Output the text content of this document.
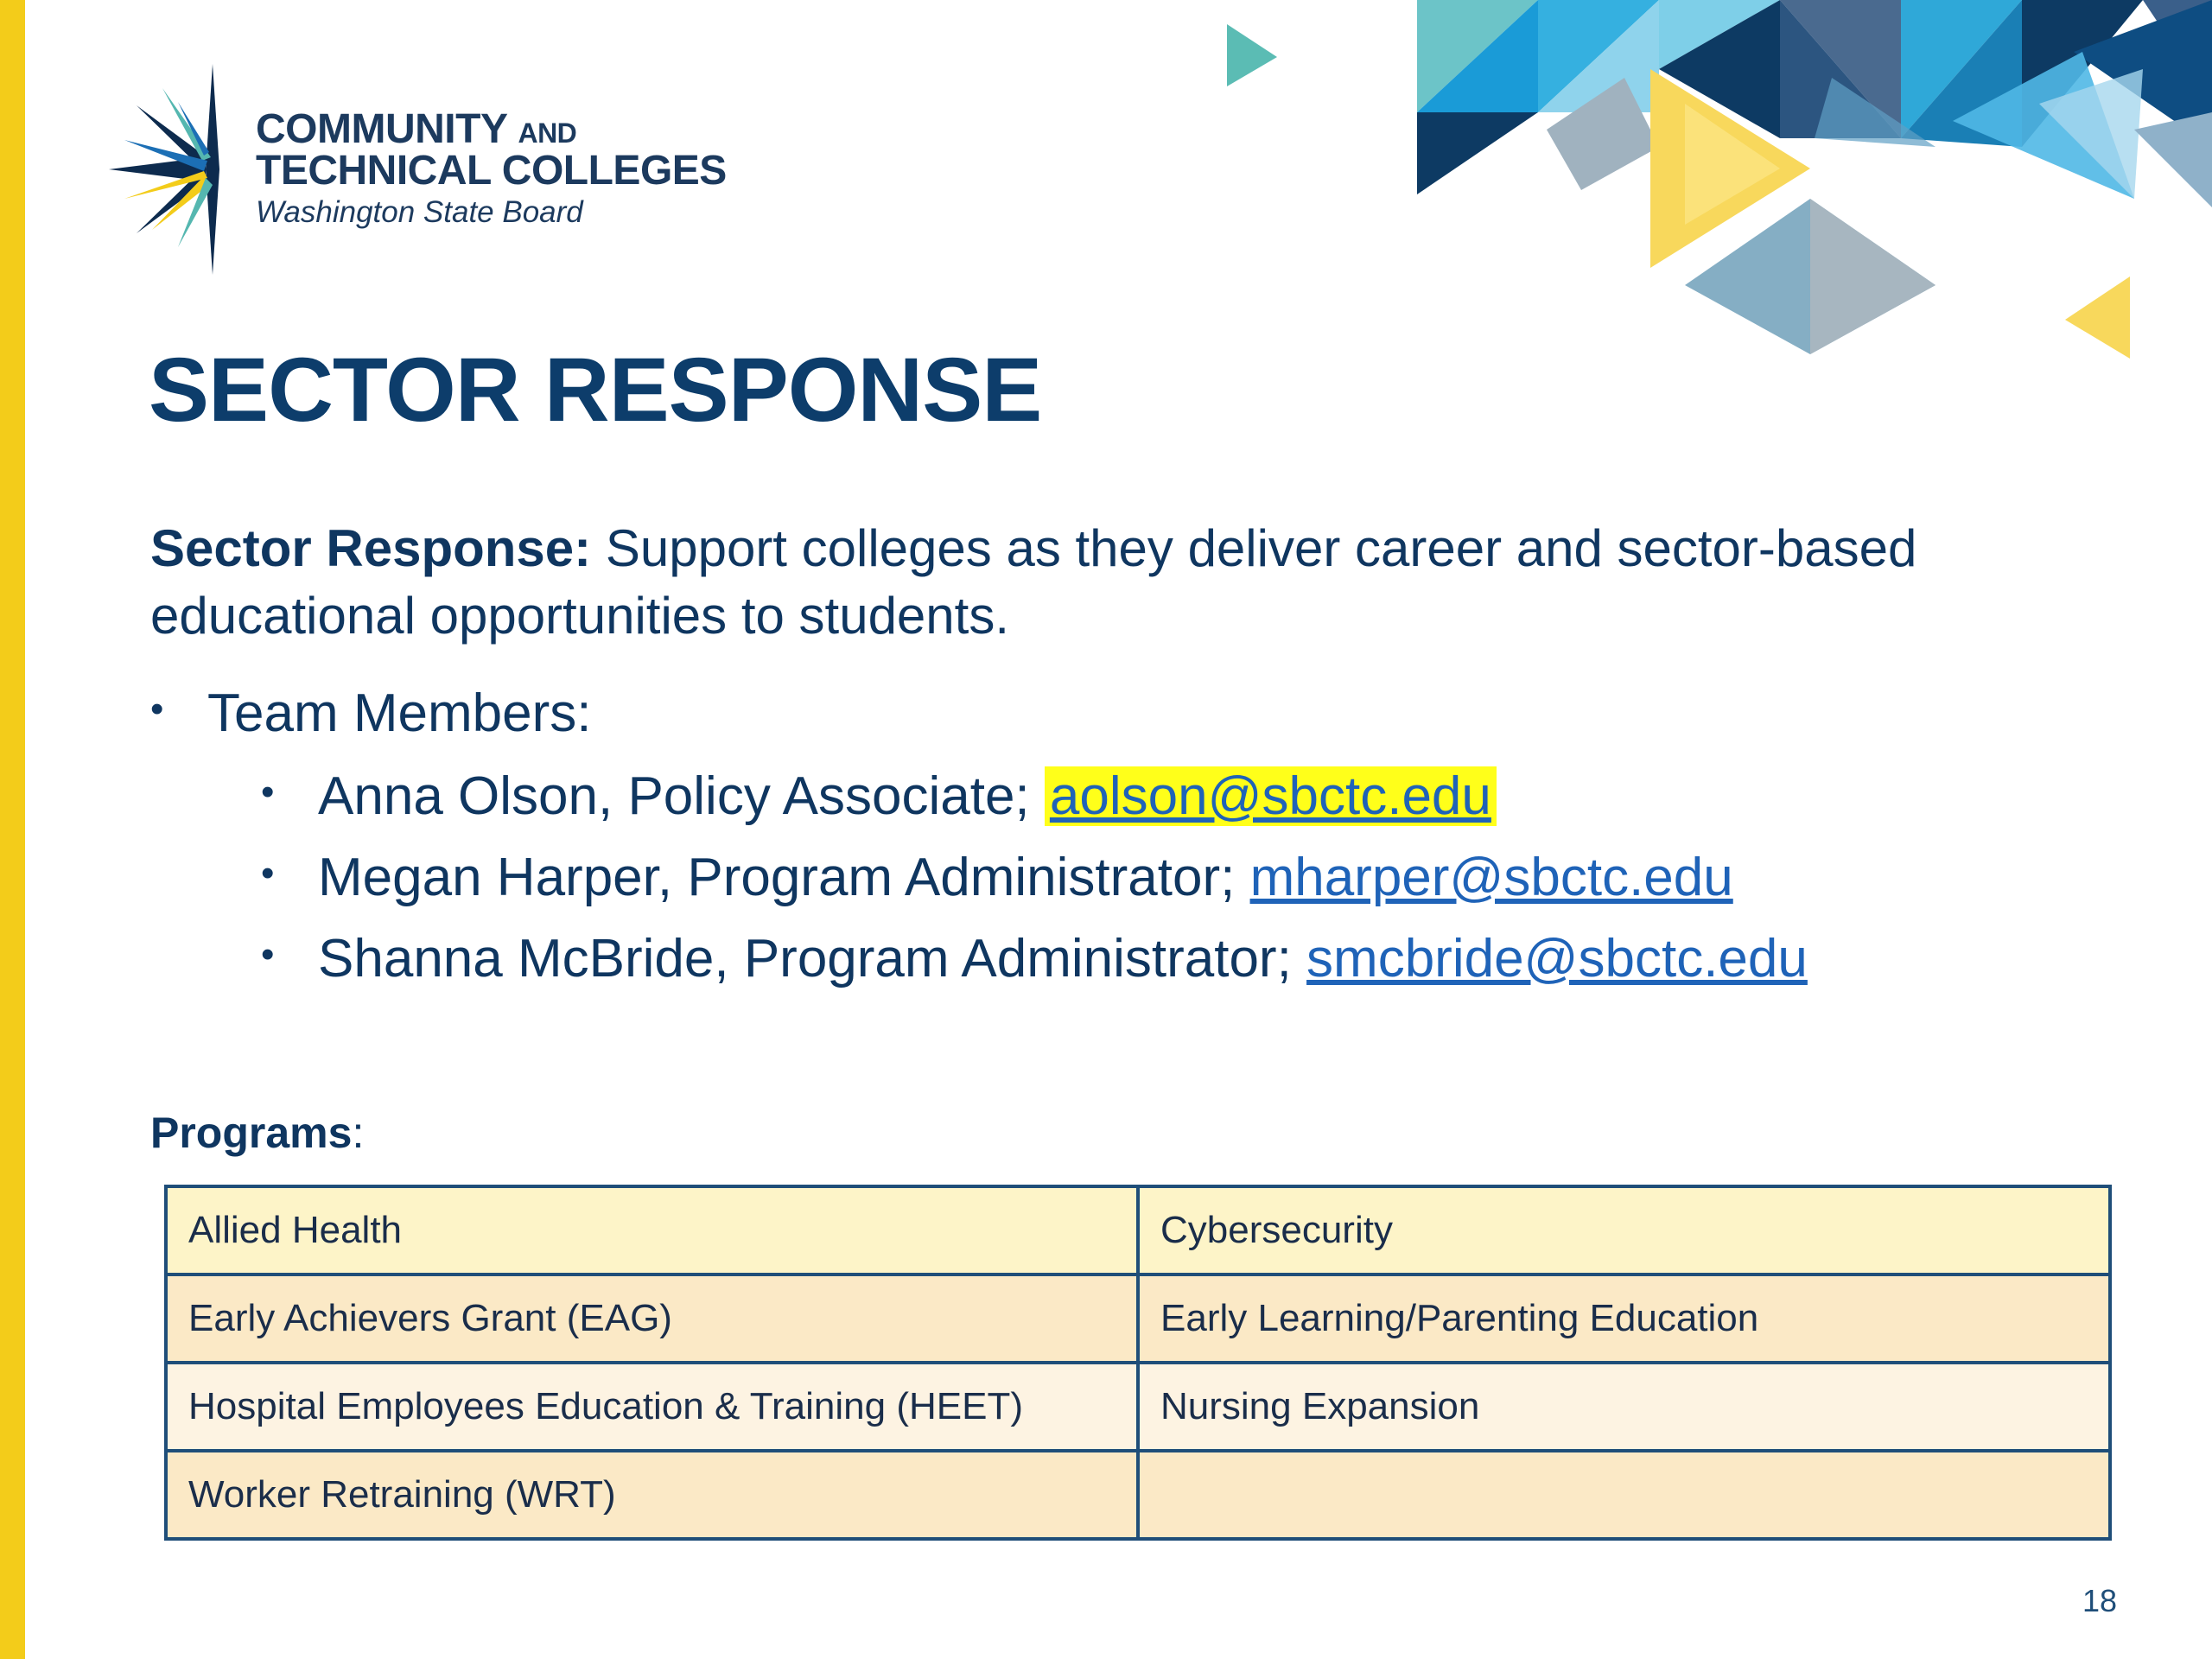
COMMUNITY AND
TECHNICAL COLLEGES
Washington State Board
SECTOR RESPONSE

Sector Response: Support colleges as they deliver career and sector-based educational opportunities to students.

• Team Members:
• Anna Olson, Policy Associate; aolson@sbctc.edu
• Megan Harper, Program Administrator; mharper@sbctc.edu
• Shanna McBride, Program Administrator; smcbride@sbctc.edu
Programs:
Allied Health	Cybersecurity
Early Achievers Grant (EAG)	Early Learning/Parenting Education
Hospital Employees Education & Training (HEET)	Nursing Expansion
Worker Retraining (WRT)	
18
